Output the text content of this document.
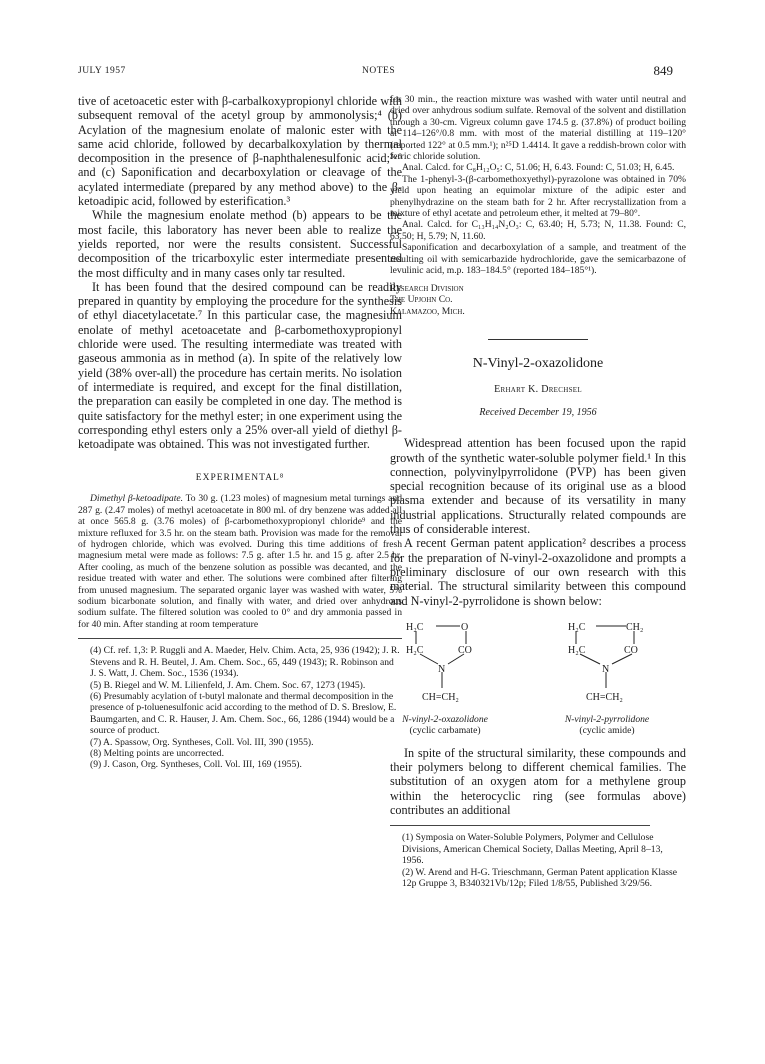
JULY 1957	NOTES	849

tive of acetoacetic ester with β-carbalkoxypropionyl chloride with subsequent removal of the acetyl group by ammonolysis;⁴ (b) Acylation of the magnesium enolate of malonic ester with the same acid chloride, followed by decarbalkoxylation by thermal decomposition in the presence of β-naphthalenesulfonic acid;³·⁶ and (c) Saponification and decarboxylation or cleavage of the acylated intermediate (prepared by any method above) to the β-ketoadipic acid, followed by esterification.³

While the magnesium enolate method (b) appears to be the most facile, this laboratory has never been able to realize the yields reported, nor were the results consistent. Successful decomposition of the tricarboxylic ester intermediate presented the most difficulty and in many cases only tar resulted.

It has been found that the desired compound can be readily prepared in quantity by employing the procedure for the synthesis of ethyl diacetylacetate.⁷ In this particular case, the magnesium enolate of methyl acetoacetate and β-carbomethoxypropionyl chloride were used. The resulting intermediate was treated with gaseous ammonia as in method (a). In spite of the relatively low yield (38% over-all) the procedure has certain merits. No isolation of intermediate is required, and except for the final distillation, the preparation can easily be completed in one day. The method is quite satisfactory for the methyl ester; in one experiment using the corresponding ethyl esters only a 25% over-all yield of diethyl β-ketoadipate was obtained. This was not investigated further.

EXPERIMENTAL⁸

Dimethyl β-ketoadipate. To 30 g. (1.23 moles) of magnesium metal turnings and 287 g. (2.47 moles) of methyl acetoacetate in 800 ml. of dry benzene was added all at once 565.8 g. (3.76 moles) of β-carbomethoxypropionyl chloride⁹ and the mixture refluxed for 3.5 hr. on the steam bath. Provision was made for the removal of hydrogen chloride, which was evolved. During this time additions of fresh magnesium metal were made as follows: 7.5 g. after 1.5 hr. and 15 g. after 2.5 hr. After cooling, as much of the benzene solution as possible was decanted, and the residue treated with water and ether. The solutions were combined after filtering from unused magnesium. The separated organic layer was washed with water, 5% sodium bicarbonate solution, and finally with water, and dried over anhydrous sodium sulfate. The filtered solution was cooled to 0° and dry ammonia passed in for 40 min. After standing at room temperature

(4) Cf. ref. 1,3: P. Ruggli and A. Maeder, Helv. Chim. Acta, 25, 936 (1942); J. R. Stevens and R. H. Beutel, J. Am. Chem. Soc., 65, 449 (1943); R. Robinson and J. S. Watt, J. Chem. Soc., 1536 (1934).
(5) B. Riegel and W. M. Lilienfeld, J. Am. Chem. Soc. 67, 1273 (1945).
(6) Presumably acylation of t-butyl malonate and thermal decomposition in the presence of p-toluenesulfonic acid according to the method of D. S. Breslow, E. Baumgarten, and C. R. Hauser, J. Am. Chem. Soc., 66, 1286 (1944) would be a source of product.
(7) A. Spassow, Org. Syntheses, Coll. Vol. III, 390 (1955).
(8) Melting points are uncorrected.
(9) J. Cason, Org. Syntheses, Coll. Vol. III, 169 (1955).

for 30 min., the reaction mixture was washed with water until neutral and dried over anhydrous sodium sulfate. Removal of the solvent and distillation through a 30-cm. Vigreux column gave 174.5 g. (37.8%) of product boiling at 114–126°/0.8 mm. with most of the material distilling at 119–120° (reported 122° at 0.5 mm.¹); n²⁵D 1.4414. It gave a reddish-brown color with ferric chloride solution.

Anal. Calcd. for C₈H₁₂O₅: C, 51.06; H, 6.43. Found: C, 51.03; H, 6.45.

The 1-phenyl-3-(β-carbomethoxyethyl)-pyrazolone was obtained in 70% yield upon heating an equimolar mixture of the adipic ester and phenylhydrazine on the steam bath for 2 hr. After recrystallization from a mixture of ethyl acetate and petroleum ether, it melted at 79–80°.

Anal. Calcd. for C₁₃H₁₄N₂O₃: C, 63.40; H, 5.73; N, 11.38. Found: C, 63.50; H, 5.79; N, 11.60.

Saponification and decarboxylation of a sample, and treatment of the resulting oil with semicarbazide hydrochloride, gave the semicarbazone of levulinic acid, m.p. 183–184.5° (reported 184–185°¹).

Research Division
The Upjohn Co.
Kalamazoo, Mich.
N-Vinyl-2-oxazolidone
Erhart K. Drechsel
Received December 19, 1956

Widespread attention has been focused upon the rapid growth of the synthetic water-soluble polymer field.¹ In this connection, polyvinylpyrrolidone (PVP) has been given special recognition because of its original use as a blood plasma extender and because of its versatility in many industrial applications. Structurally related compounds are thus of considerable interest.

A recent German patent application² describes a process for the preparation of N-vinyl-2-oxazolidone and prompts a preliminary disclosure of our own research with this material. The structural similarity between this compound and N-vinyl-2-pyrrolidone is shown below:

H₂C	O
H₂C	CO
N
CH=CH₂
H₂C	CH₂
H₂C	CO
N
CH=CH₂
N-vinyl-2-oxazolidone
(cyclic carbamate)
N-vinyl-2-pyrrolidone
(cyclic amide)

In spite of the structural similarity, these compounds and their polymers belong to different chemical families. The substitution of an oxygen atom for a methylene group within the heterocyclic ring (see formulas above) contributes an additional

(1) Symposia on Water-Soluble Polymers, Polymer and Cellulose Divisions, American Chemical Society, Dallas Meeting, April 8–13, 1956.
(2) W. Arend and H-G. Trieschmann, German Patent application Klasse 12p Gruppe 3, B340321Vb/12p; Filed 1/8/55, Published 3/29/56.
